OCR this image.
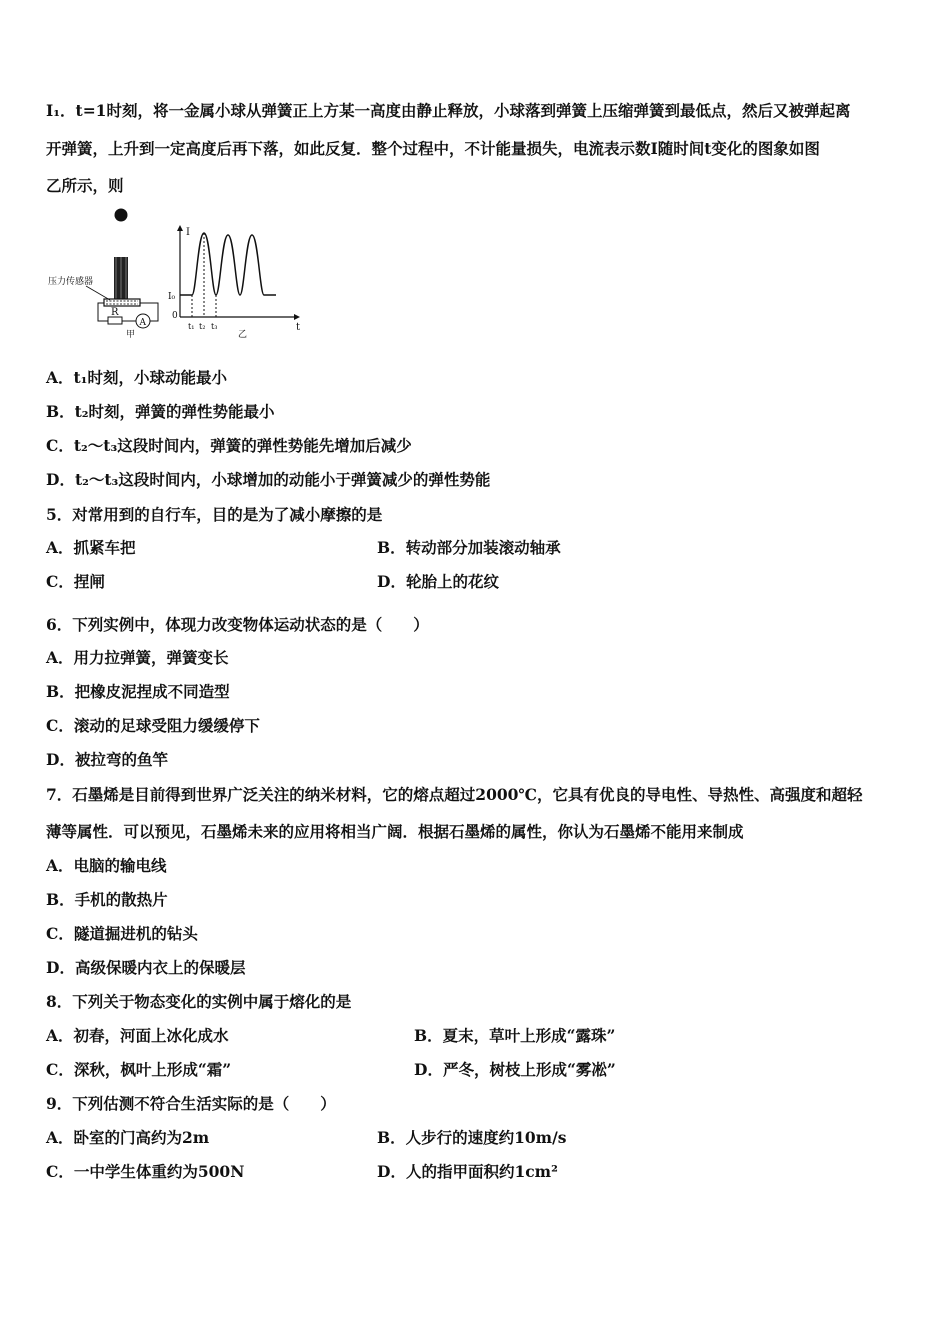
I₁．t=1时刻，将一金属小球从弹簧正上方某一高度由静止释放，小球落到弹簧上压缩弹簧到最低点，然后又被弹起离
开弹簧，上升到一定高度后再下落，如此反复．整个过程中，不计能量损失，电流表示数I随时间t变化的图象如图
乙所示，则
压力传感器
R
A
甲
I
t
0
I₀
t₁ t₂ t₃
乙
A．t₁时刻，小球动能最小
B．t₂时刻，弹簧的弹性势能最小
C．t₂～t₃这段时间内，弹簧的弹性势能先增加后减少
D．t₂～t₃这段时间内，小球增加的动能小于弹簧减少的弹性势能
5．对常用到的自行车，目的是为了减小摩擦的是
A．抓紧车把	B．转动部分加装滚动轴承
C．捏闸	D．轮胎上的花纹
6．下列实例中，体现力改变物体运动状态的是（　　）
A．用力拉弹簧，弹簧变长
B．把橡皮泥捏成不同造型
C．滚动的足球受阻力缓缓停下
D．被拉弯的鱼竿
7．石墨烯是目前得到世界广泛关注的纳米材料，它的熔点超过2000℃，它具有优良的导电性、导热性、高强度和超轻
薄等属性．可以预见，石墨烯未来的应用将相当广阔．根据石墨烯的属性，你认为石墨烯不能用来制成
A．电脑的输电线
B．手机的散热片
C．隧道掘进机的钻头
D．高级保暖内衣上的保暖层
8．下列关于物态变化的实例中属于熔化的是
A．初春，河面上冰化成水	B．夏末，草叶上形成“露珠”
C．深秋，枫叶上形成“霜”	D．严冬，树枝上形成“雾凇”
9．下列估测不符合生活实际的是（　　）
A．卧室的门高约为2m	B．人步行的速度约10m/s
C．一中学生体重约为500N	D．人的指甲面积约1cm²
